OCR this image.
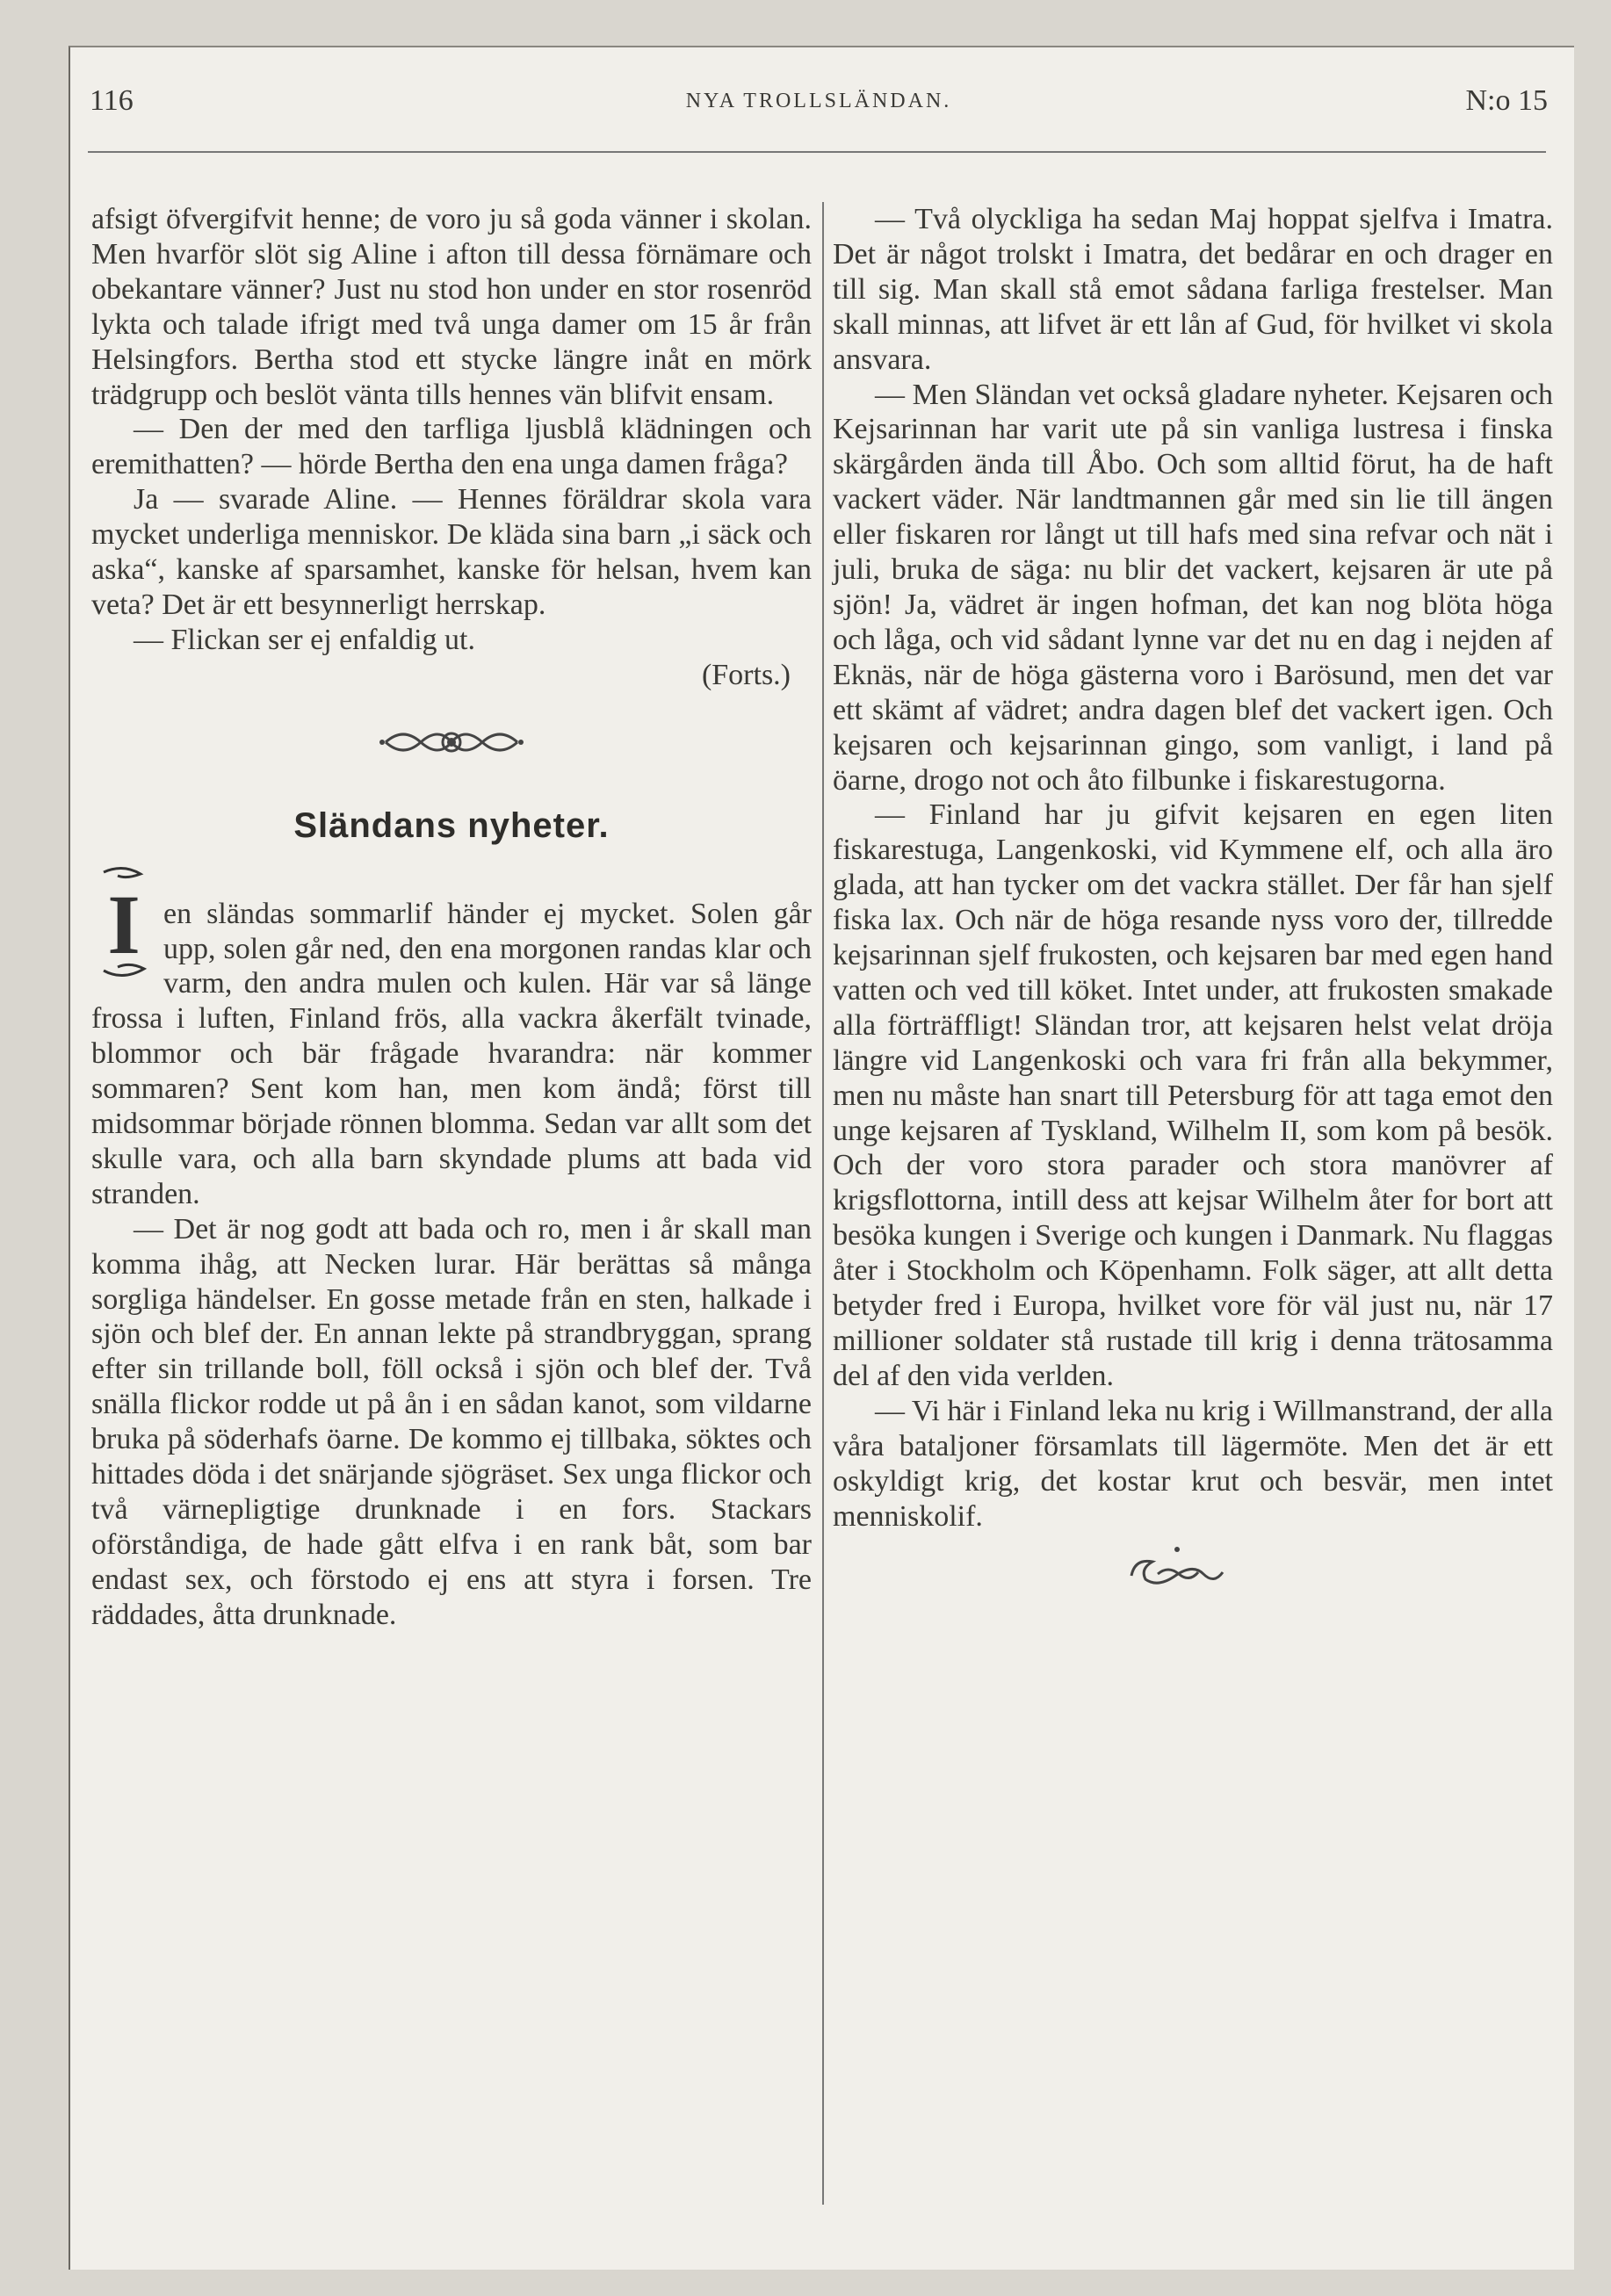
116	NYA TROLLSLÄNDAN.	N:o 15

afsigt öfvergifvit henne; de voro ju så goda vänner i skolan. Men hvarför slöt sig Aline i afton till dessa förnämare och obekantare vänner? Just nu stod hon under en stor rosenröd lykta och talade ifrigt med två unga damer om 15 år från Helsingfors. Bertha stod ett stycke längre inåt en mörk trädgrupp och beslöt vänta tills hennes vän blifvit ensam.

— Den der med den tarfliga ljusblå klädningen och eremithatten? — hörde Bertha den ena unga damen fråga?

Ja — svarade Aline. — Hennes föräldrar skola vara mycket underliga menniskor. De kläda sina barn „i säck och aska“, kanske af sparsamhet, kanske för helsan, hvem kan veta? Det är ett besynnerligt herrskap.

— Flickan ser ej enfaldig ut.

(Forts.)

Sländans nyheter.

I en sländas sommarlif händer ej mycket. Solen går upp, solen går ned, den ena morgonen randas klar och varm, den andra mulen och kulen. Här var så länge frossa i luften, Finland frös, alla vackra åkerfält tvinade, blommor och bär frågade hvarandra: när kommer sommaren? Sent kom han, men kom ändå; först till midsommar började rönnen blomma. Sedan var allt som det skulle vara, och alla barn skyndade plums att bada vid stranden.

— Det är nog godt att bada och ro, men i år skall man komma ihåg, att Necken lurar. Här berättas så många sorgliga händelser. En gosse metade från en sten, halkade i sjön och blef der. En annan lekte på strandbryggan, sprang efter sin trillande boll, föll också i sjön och blef der. Två snälla flickor rodde ut på ån i en sådan kanot, som vildarne bruka på söderhafs öarne. De kommo ej tillbaka, söktes och hittades döda i det snärjande sjögräset. Sex unga flickor och två värnepligtige drunknade i en fors. Stackars oförståndiga, de hade gått elfva i en rank båt, som bar endast sex, och förstodo ej ens att styra i forsen. Tre räddades, åtta drunknade.

— Två olyckliga ha sedan Maj hoppat sjelfva i Imatra. Det är något trolskt i Imatra, det bedårar en och drager en till sig. Man skall stå emot sådana farliga frestelser. Man skall minnas, att lifvet är ett lån af Gud, för hvilket vi skola ansvara.

— Men Sländan vet också gladare nyheter. Kejsaren och Kejsarinnan har varit ute på sin vanliga lustresa i finska skärgården ända till Åbo. Och som alltid förut, ha de haft vackert väder. När landtmannen går med sin lie till ängen eller fiskaren ror långt ut till hafs med sina refvar och nät i juli, bruka de säga: nu blir det vackert, kejsaren är ute på sjön! Ja, vädret är ingen hofman, det kan nog blöta höga och låga, och vid sådant lynne var det nu en dag i nejden af Eknäs, när de höga gästerna voro i Barösund, men det var ett skämt af vädret; andra dagen blef det vackert igen. Och kejsaren och kejsarinnan gingo, som vanligt, i land på öarne, drogo not och åto filbunke i fiskarestugorna.

— Finland har ju gifvit kejsaren en egen liten fiskarestuga, Langenkoski, vid Kymmene elf, och alla äro glada, att han tycker om det vackra stället. Der får han sjelf fiska lax. Och när de höga resande nyss voro der, tillredde kejsarinnan sjelf frukosten, och kejsaren bar med egen hand vatten och ved till köket. Intet under, att frukosten smakade alla förträffligt! Sländan tror, att kejsaren helst velat dröja längre vid Langenkoski och vara fri från alla bekymmer, men nu måste han snart till Petersburg för att taga emot den unge kejsaren af Tyskland, Wilhelm II, som kom på besök. Och der voro stora parader och stora manövrer af krigsflottorna, intill dess att kejsar Wilhelm åter for bort att besöka kungen i Sverige och kungen i Danmark. Nu flaggas åter i Stockholm och Köpenhamn. Folk säger, att allt detta betyder fred i Europa, hvilket vore för väl just nu, när 17 millioner soldater stå rustade till krig i denna trätosamma del af den vida verlden.

— Vi här i Finland leka nu krig i Willmanstrand, der alla våra bataljoner församlats till lägermöte. Men det är ett oskyldigt krig, det kostar krut och besvär, men intet menniskolif.
